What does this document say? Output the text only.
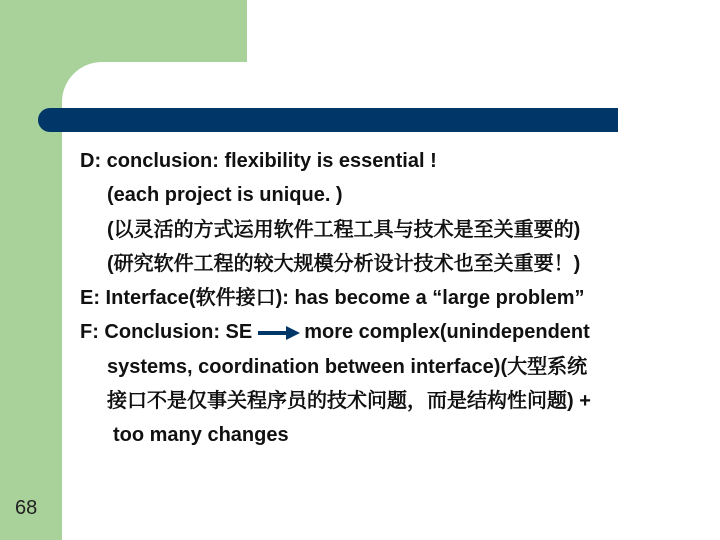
D: conclusion: flexibility is essential !
(each project is unique. )
(以灵活的方式运用软件工程工具与技术是至关重要的)
(研究软件工程的较大规模分析设计技术也至关重要！)
E: Interface(软件接口): has become a “large problem”
F: Conclusion: SE	more complex(unindependent
systems, coordination between interface)(大型系统
接口不是仅事关程序员的技术问题，而是结构性问题) +
too many changes
68
